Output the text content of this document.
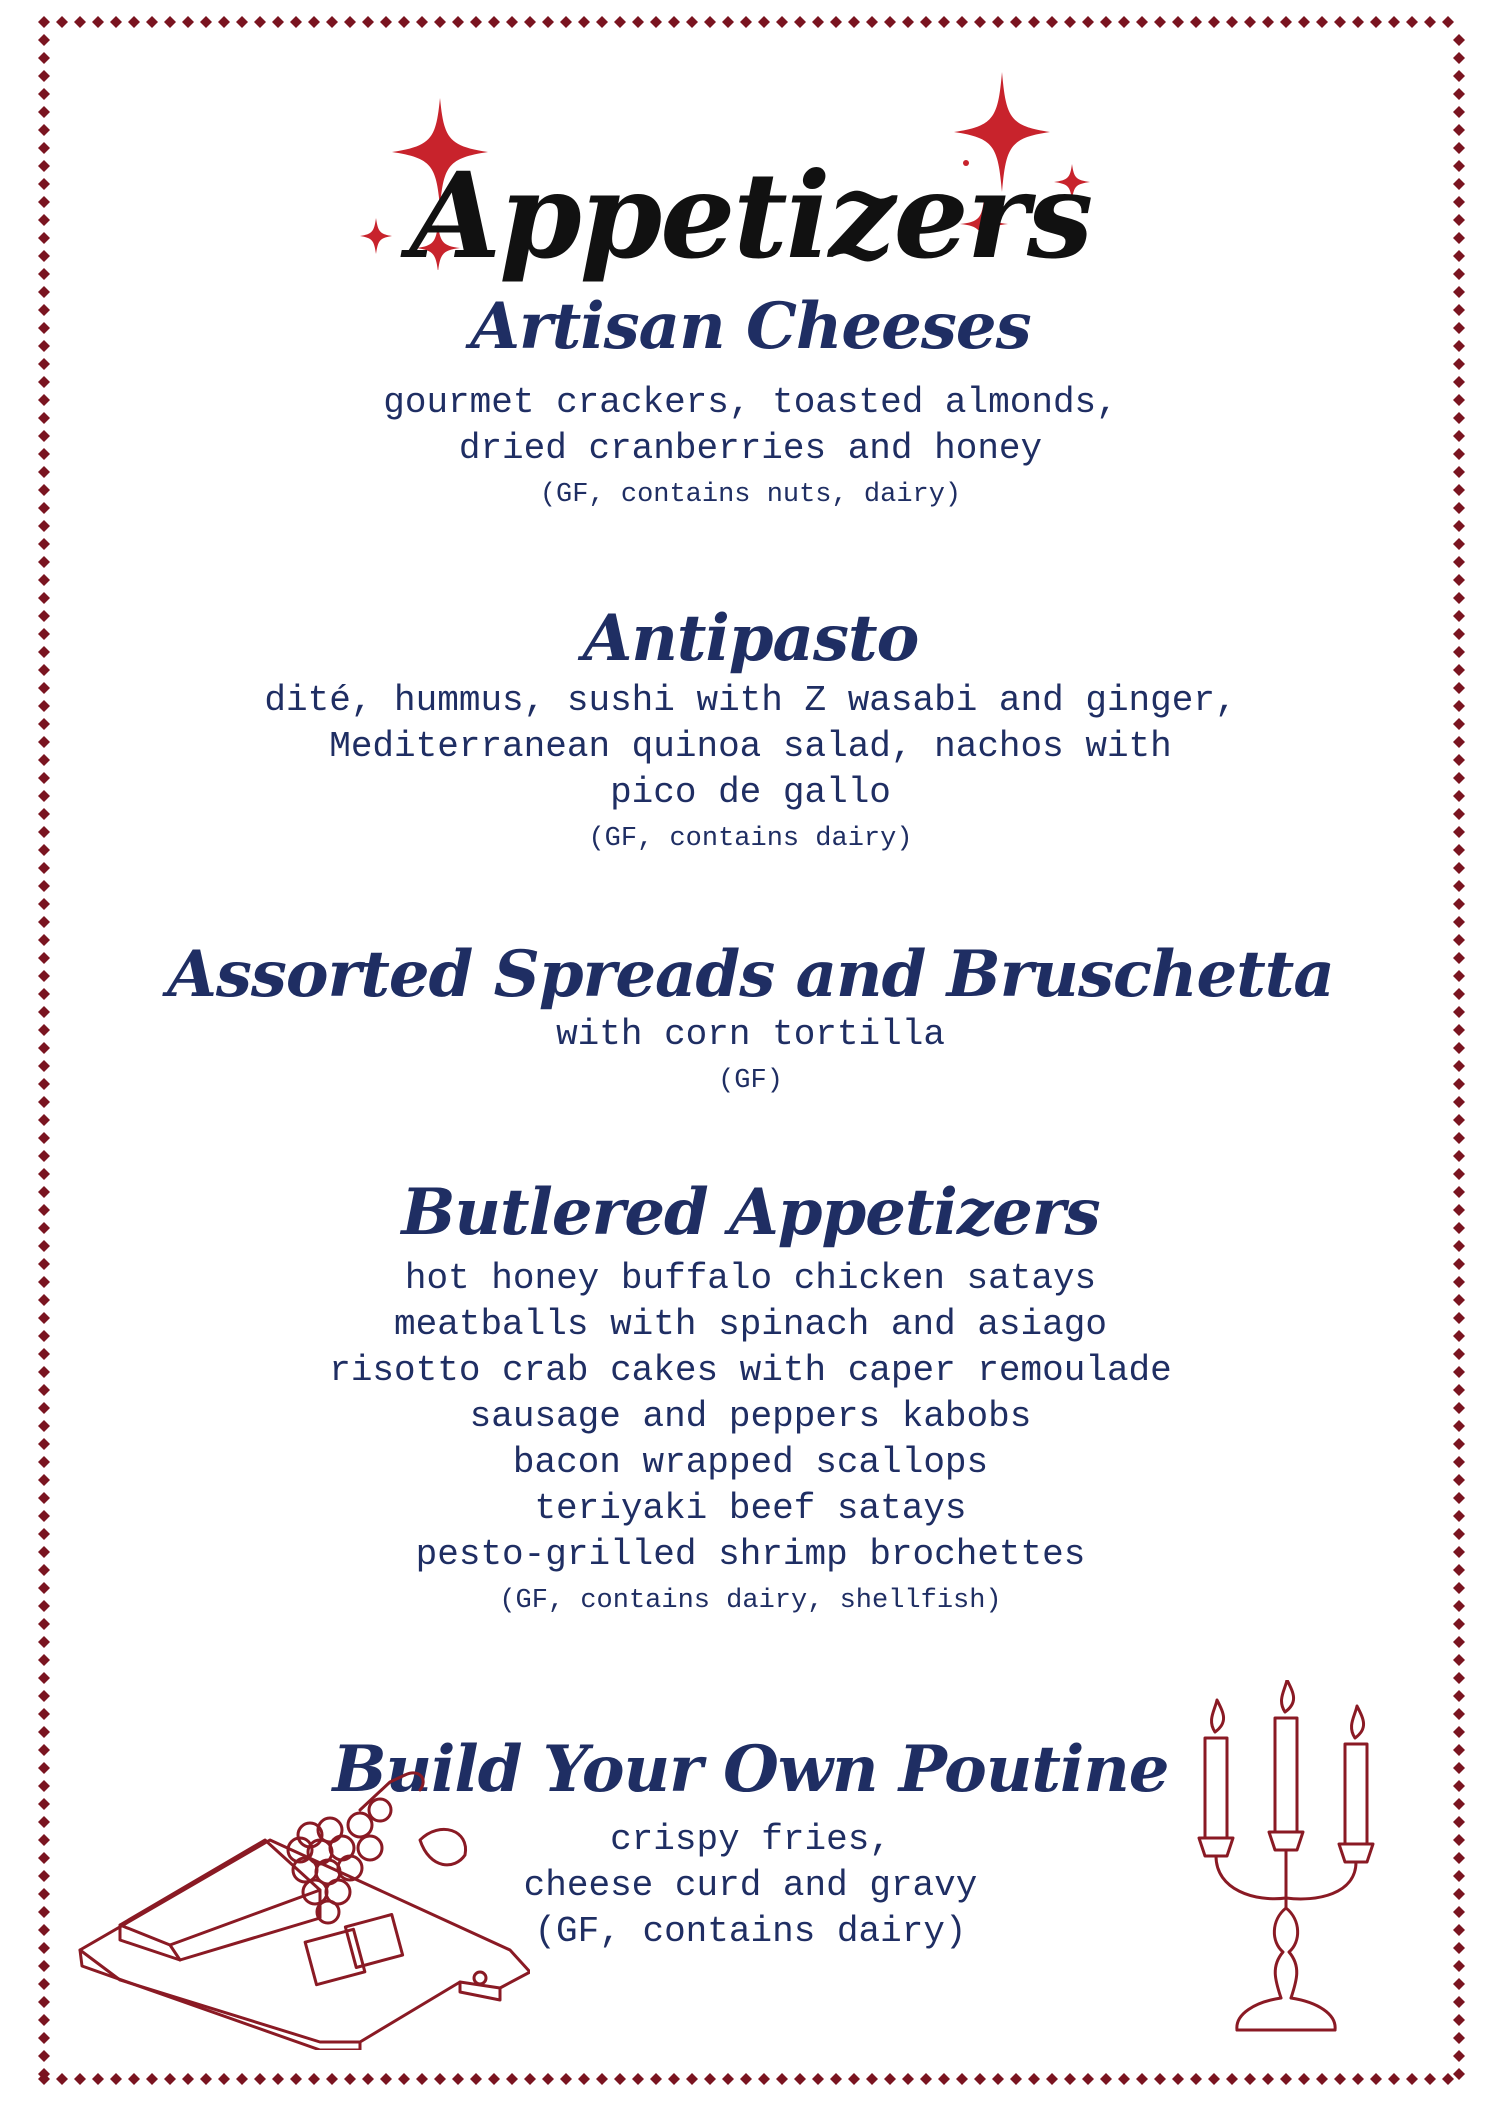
Appetizers
Artisan Cheeses

gourmet crackers, toasted almonds,

dried cranberries and honey

(GF, contains nuts, dairy)

Antipasto

dité, hummus, sushi with Z wasabi and ginger,

Mediterranean quinoa salad, nachos with

pico de gallo

(GF, contains dairy)

Assorted Spreads and Bruschetta

with corn tortilla

(GF)

Butlered Appetizers

hot honey buffalo chicken satays

meatballs with spinach and asiago

risotto crab cakes with caper remoulade

sausage and peppers kabobs

bacon wrapped scallops

teriyaki beef satays

pesto-grilled shrimp brochettes

(GF, contains dairy, shellfish)

Build Your Own Poutine

crispy fries,

cheese curd and gravy

(GF, contains dairy)
